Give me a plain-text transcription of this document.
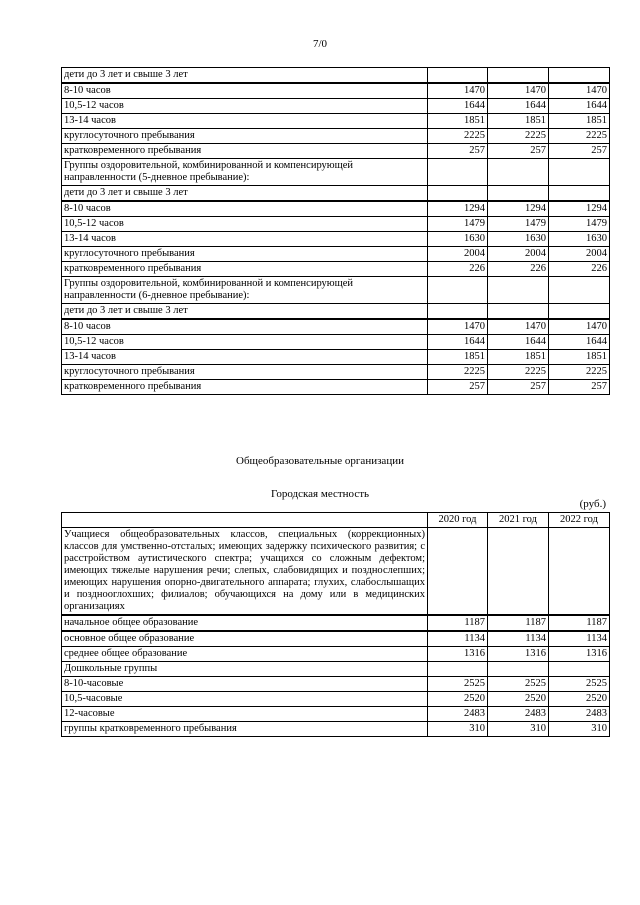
7/0
дети до 3 лет и свыше 3 лет			
8-10 часов	1470	1470	1470
10,5-12 часов	1644	1644	1644
13-14 часов	1851	1851	1851
круглосуточного пребывания	2225	2225	2225
кратковременного пребывания	257	257	257
Группы оздоровительной, комбинированной и компенсирующей направленности (5-дневное пребывание):			
дети до 3 лет и свыше 3 лет			
8-10 часов	1294	1294	1294
10,5-12 часов	1479	1479	1479
13-14 часов	1630	1630	1630
круглосуточного пребывания	2004	2004	2004
кратковременного пребывания	226	226	226
Группы оздоровительной, комбинированной и компенсирующей направленности (6-дневное пребывание):			
дети до 3 лет и свыше 3 лет			
8-10 часов	1470	1470	1470
10,5-12 часов	1644	1644	1644
13-14 часов	1851	1851	1851
круглосуточного пребывания	2225	2225	2225
кратковременного пребывания	257	257	257
Общеобразовательные организации
Городская местность
(руб.)
	2020 год	2021 год	2022 год
Учащиеся общеобразовательных классов, специальных (коррекционных) классов для умственно-отсталых; имеющих задержку психического развития; с расстройством аутистического спектра; учащихся со сложным дефектом; имеющих тяжелые нарушения речи; слепых, слабовидящих и позднослепших; имеющих нарушения опорно-двигательного аппарата; глухих, слабослышащих и позднооглохших; филиалов; обучающихся на дому или в медицинских организациях			
начальное общее образование	1187	1187	1187
основное общее образование	1134	1134	1134
среднее общее образование	1316	1316	1316
Дошкольные группы			
8-10-часовые	2525	2525	2525
10,5-часовые	2520	2520	2520
12-часовые	2483	2483	2483
группы кратковременного пребывания	310	310	310
